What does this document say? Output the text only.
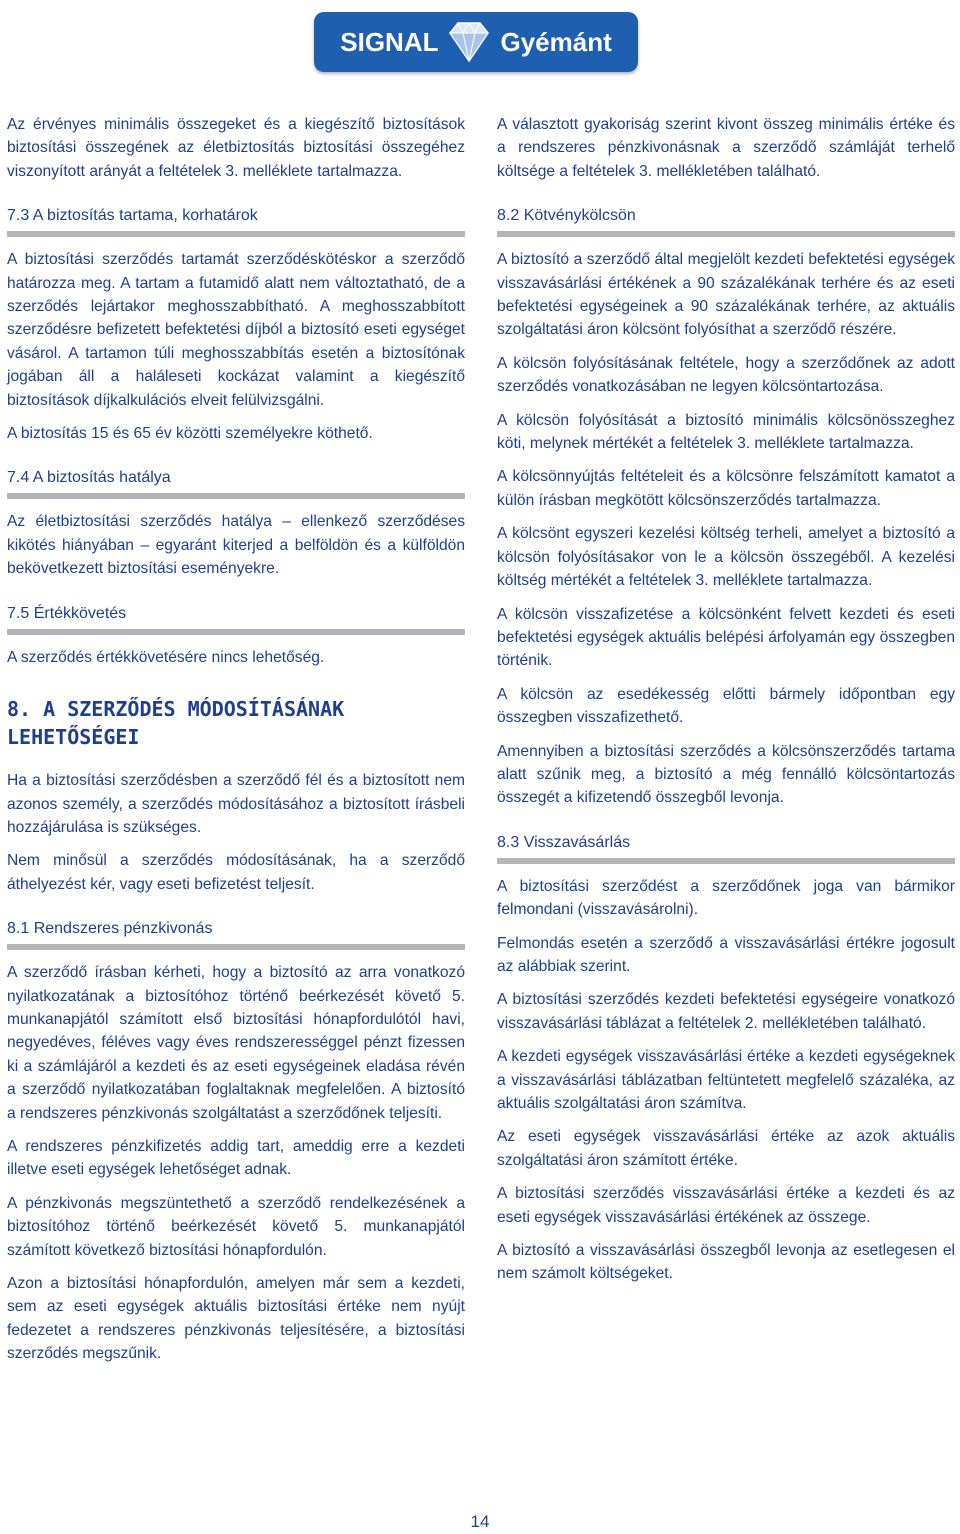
SIGNAL Gyémánt

Az érvényes minimális összegeket és a kiegészítő biztosítások biztosítási összegének az életbiztosítás biztosítási összegéhez viszonyított arányát a feltételek 3. melléklete tartalmazza.

7.3 A biztosítás tartama, korhatárok

A biztosítási szerződés tartamát szerződéskötéskor a szerződő határozza meg. A tartam a futamidő alatt nem változtatható, de a szerződés lejártakor meghosszabbítható. A meghosszabbított szerződésre befizetett befektetési díjból a biztosító eseti egységet vásárol. A tartamon túli meghosszabbítás esetén a biztosítónak jogában áll a haláleseti kockázat valamint a kiegészítő biztosítások díjkalkulációs elveit felülvizsgálni.

A biztosítás 15 és 65 év közötti személyekre köthető.

7.4 A biztosítás hatálya

Az életbiztosítási szerződés hatálya – ellenkező szerződéses kikötés hiányában – egyaránt kiterjed a belföldön és a külföldön bekövetkezett biztosítási eseményekre.

7.5 Értékkövetés

A szerződés értékkövetésére nincs lehetőség.

8. A SZERZŐDÉS MÓDOSÍTÁSÁNAK LEHETŐSÉGEI

Ha a biztosítási szerződésben a szerződő fél és a biztosított nem azonos személy, a szerződés módosításához a biztosított írásbeli hozzájárulása is szükséges.

Nem minősül a szerződés módosításának, ha a szerződő áthelyezést kér, vagy eseti befizetést teljesít.

8.1 Rendszeres pénzkivonás

A szerződő írásban kérheti, hogy a biztosító az arra vonatkozó nyilatkozatának a biztosítóhoz történő beérkezését követő 5. munkanapjától számított első biztosítási hónapfordulótól havi, negyedéves, féléves vagy éves rendszerességgel pénzt fizessen ki a számlájáról a kezdeti és az eseti egységeinek eladása révén a szerződő nyilatkozatában foglaltaknak megfelelően. A biztosító a rendszeres pénzkivonás szolgáltatást a szerződőnek teljesíti.

A rendszeres pénzkifizetés addig tart, ameddig erre a kezdeti illetve eseti egységek lehetőséget adnak.

A pénzkivonás megszüntethető a szerződő rendelkezésének a biztosítóhoz történő beérkezését követő 5. munkanapjától számított következő biztosítási hónapfordulón.

Azon a biztosítási hónapfordulón, amelyen már sem a kezdeti, sem az eseti egységek aktuális biztosítási értéke nem nyújt fedezetet a rendszeres pénzkivonás teljesítésére, a biztosítási szerződés megszűnik.

A választott gyakoriság szerint kivont összeg minimális értéke és a rendszeres pénzkivonásnak a szerződő számláját terhelő költsége a feltételek 3. mellékletében található.

8.2 Kötvénykölcsön

A biztosító a szerződő által megjelölt kezdeti befektetési egységek visszavásárlási értékének a 90 százalékának terhére és az eseti befektetési egységeinek a 90 százalékának terhére, az aktuális szolgáltatási áron kölcsönt folyósíthat a szerződő részére.

A kölcsön folyósításának feltétele, hogy a szerződőnek az adott szerződés vonatkozásában ne legyen kölcsöntartozása.

A kölcsön folyósítását a biztosító minimális kölcsönösszeghez köti, melynek mértékét a feltételek 3. melléklete tartalmazza.

A kölcsönnyújtás feltételeit és a kölcsönre felszámított kamatot a külön írásban megkötött kölcsönszerződés tartalmazza.

A kölcsönt egyszeri kezelési költség terheli, amelyet a biztosító a kölcsön folyósításakor von le a kölcsön összegéből. A kezelési költség mértékét a feltételek 3. melléklete tartalmazza.

A kölcsön visszafizetése a kölcsönként felvett kezdeti és eseti befektetési egységek aktuális belépési árfolyamán egy összegben történik.

A kölcsön az esedékesség előtti bármely időpontban egy összegben visszafizethető.

Amennyiben a biztosítási szerződés a kölcsönszerződés tartama alatt szűnik meg, a biztosító a még fennálló kölcsöntartozás összegét a kifizetendő összegből levonja.

8.3 Visszavásárlás

A biztosítási szerződést a szerződőnek joga van bármikor felmondani (visszavásárolni).

Felmondás esetén a szerződő a visszavásárlási értékre jogosult az alábbiak szerint.

A biztosítási szerződés kezdeti befektetési egységeire vonatkozó visszavásárlási táblázat a feltételek 2. mellékletében található.

A kezdeti egységek visszavásárlási értéke a kezdeti egységeknek a visszavásárlási táblázatban feltüntetett megfelelő százaléka, az aktuális szolgáltatási áron számítva.

Az eseti egységek visszavásárlási értéke az azok aktuális szolgáltatási áron számított értéke.

A biztosítási szerződés visszavásárlási értéke a kezdeti és az eseti egységek visszavásárlási értékének az összege.

A biztosító a visszavásárlási összegből levonja az esetlegesen el nem számolt költségeket.

14
